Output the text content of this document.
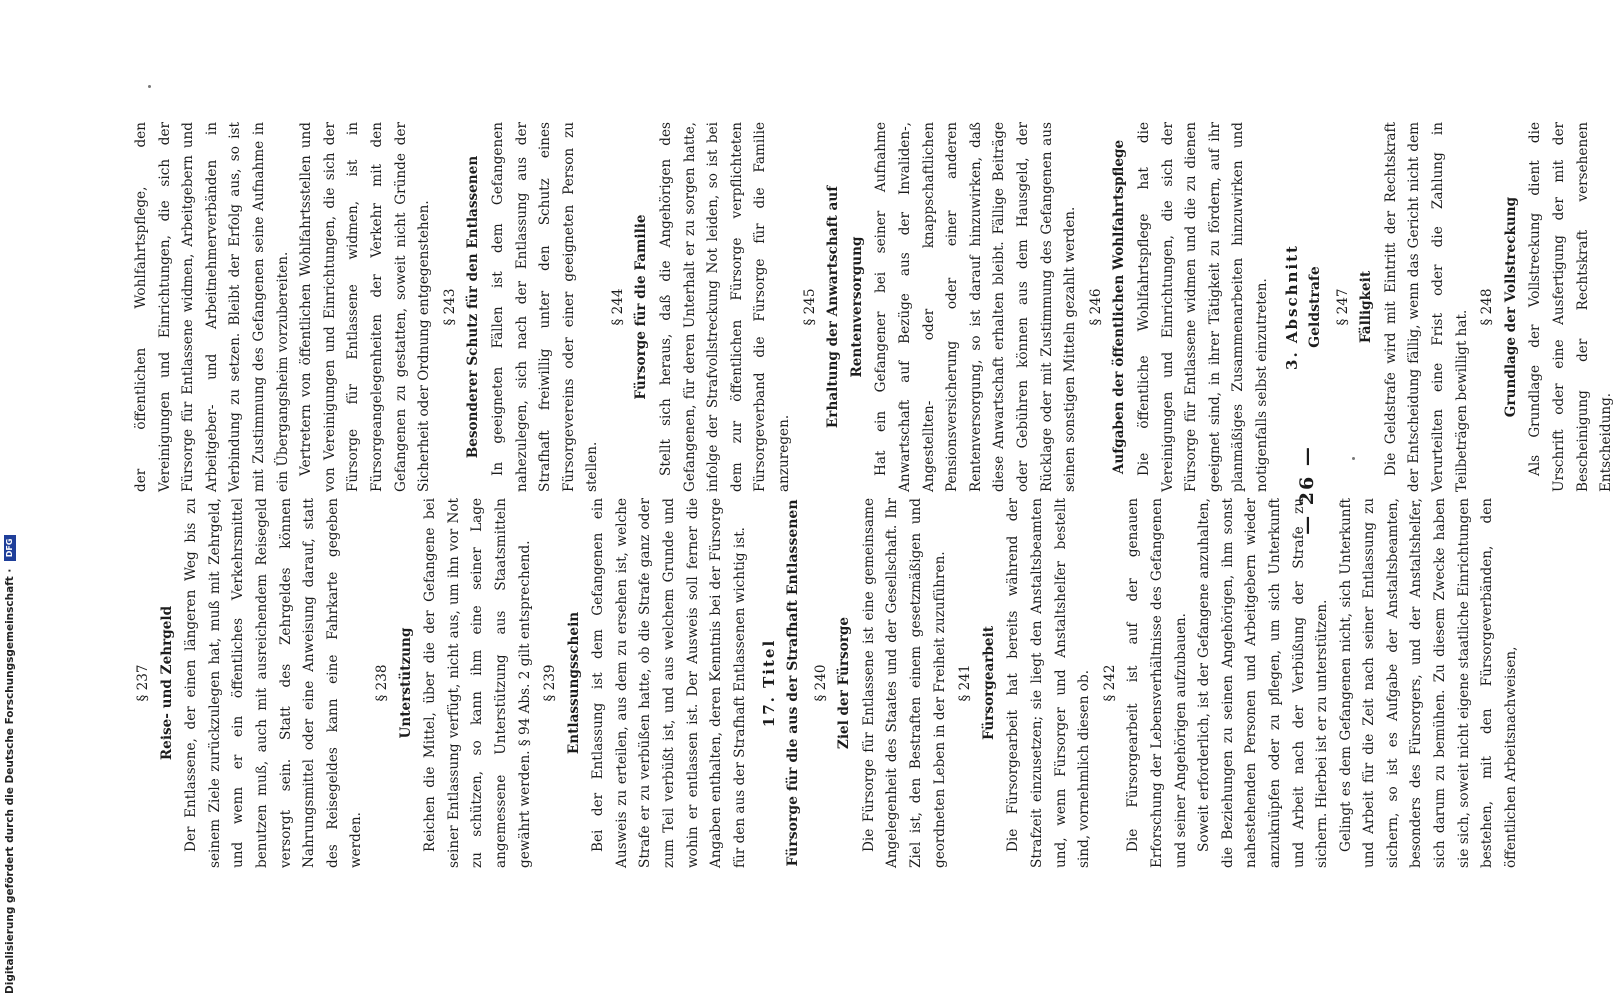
— 26 —
§ 237 Reise- und Zehrgeld Der Entlassene, der einen längeren Weg bis zu seinem Ziele zurückzulegen hat, muß mit Zehrgeld, und wenn er ein öffentliches Verkehrsmittel benutzen muß, auch mit ausreichendem Reisegeld versorgt sein. Statt des Zehrgeldes können Nahrungsmittel oder eine Anweisung darauf, statt des Reisegeldes kann eine Fahrkarte gegeben werden.

§ 238 Unterstützung Reichen die Mittel, über die der Gefangene bei seiner Entlassung verfügt, nicht aus, um ihn vor Not zu schützen, so kann ihm eine seiner Lage angemessene Unterstützung aus Staatsmitteln gewährt werden. § 94 Abs. 2 gilt entsprechend. § 239 Entlassungsschein Bei der Entlassung ist dem Gefangenen ein Ausweis zu erteilen, aus dem zu ersehen ist, welche Strafe er zu verbüßen hatte, ob die Strafe ganz oder zum Teil verbüßt ist, und aus welchem Grunde und wohin er entlassen ist. Der Ausweis soll ferner die Angaben enthalten, deren Kenntnis bei der Fürsorge für den aus der Strafhaft Entlassenen wichtig ist. 17. Titel Fürsorge für die aus der Strafhaft Entlassenen § 240 Ziel der Fürsorge Die Fürsorge für Entlassene ist eine gemeinsame Angelegenheit des Staates und der Gesellschaft. Ihr Ziel ist, den Bestraften einem gesetzmäßigen und geordneten Leben in der Freiheit zuzuführen. § 241 Fürsorgearbeit Die Fürsorgearbeit hat bereits während der Strafzeit einzusetzen; sie liegt den Anstaltsbeamten und, wenn Fürsorger und Anstaltshelfer bestellt sind, vornehmlich diesen ob. § 242 Die Fürsorgearbeit ist auf der genauen Erforschung der Lebensverhältnisse des Gefangenen und seiner Angehörigen aufzubauen. Soweit erforderlich, ist der Gefangene anzuhalten, die Beziehungen zu seinen Angehörigen, ihm sonst nahestehenden Personen und Arbeitgebern wieder anzuknüpfen oder zu pflegen, um sich Unterkunft und Arbeit nach der Verbüßung der Strafe zu sichern. Hierbei ist er zu unterstützen. Gelingt es dem Gefangenen nicht, sich Unterkunft und Arbeit für die Zeit nach seiner Entlassung zu sichern, so ist es Aufgabe der Anstaltsbeamten, besonders des Fürsorgers, und der Anstaltshelfer, sich darum zu bemühen. Zu diesem Zwecke haben sie sich, soweit nicht eigene staatliche Einrichtungen bestehen, mit den Fürsorgeverbänden, den öffentlichen Arbeitsnachweisen,

der öffentlichen Wohlfahrtspflege, den Vereinigungen und Einrichtungen, die sich der Fürsorge für Entlassene widmen, Arbeitgebern und Arbeitgeber- und Arbeitnehmerverbänden in Verbindung zu setzen. Bleibt der Erfolg aus, so ist mit Zustimmung des Gefangenen seine Aufnahme in ein Übergangsheim vorzubereiten. Vertretern von öffentlichen Wohlfahrtsstellen und von Vereinigungen und Einrichtungen, die sich der Fürsorge für Entlassene widmen, ist in Fürsorgeangelegenheiten der Verkehr mit den Gefangenen zu gestatten, soweit nicht Gründe der Sicherheit oder Ordnung entgegenstehen. § 243 Besonderer Schutz für den Entlassenen In geeigneten Fällen ist dem Gefangenen nahezulegen, sich nach der Entlassung aus der Strafhaft freiwillig unter den Schutz eines Fürsorgevereins oder einer geeigneten Person zu stellen.

§ 244 Fürsorge für die Familie Stellt sich heraus, daß die Angehörigen des Gefangenen, für deren Unterhalt er zu sorgen hatte, infolge der Strafvollstreckung Not leiden, so ist bei dem zur öffentlichen Fürsorge verpflichteten Fürsorgeverband die Fürsorge für die Familie anzuregen.

§ 245 Erhaltung der Anwartschaft auf Rentenversorgung Hat ein Gefangener bei seiner Aufnahme Anwartschaft auf Bezüge aus der Invaliden-, Angestellten- oder knappschaftlichen Pensionsversicherung oder einer anderen Rentenversorgung, so ist darauf hinzuwirken, daß diese Anwartschaft erhalten bleibt. Fällige Beiträge oder Gebühren können aus dem Hausgeld, der Rücklage oder mit Zustimmung des Gefangenen aus seinen sonstigen Mitteln gezahlt werden. § 246 Aufgaben der öffentlichen Wohlfahrtspflege Die öffentliche Wohlfahrtspflege hat die Vereinigungen und Einrichtungen, die sich der Fürsorge für Entlassene widmen und die zu dienen geeignet sind, in ihrer Tätigkeit zu fördern, auf ihr planmäßiges Zusammenarbeiten hinzuwirken und notigenfalls selbst einzutreten. 3. Abschnitt Geldstrafe § 247 Fälligkeit Die Geldstrafe wird mit Eintritt der Rechtskraft der Entscheidung fällig, wenn das Gericht nicht dem Verurteilten eine Frist oder die Zahlung in Teilbeträgen bewilligt hat.

§ 248 Grundlage der Vollstreckung Als Grundlage der Vollstreckung dient die Urschrift oder eine Ausfertigung der mit der Bescheinigung der Rechtskraft versehenen Entscheidung.

Digitalisierung gefördert durch die Deutsche Forschungsgemeinschaft · DFG
